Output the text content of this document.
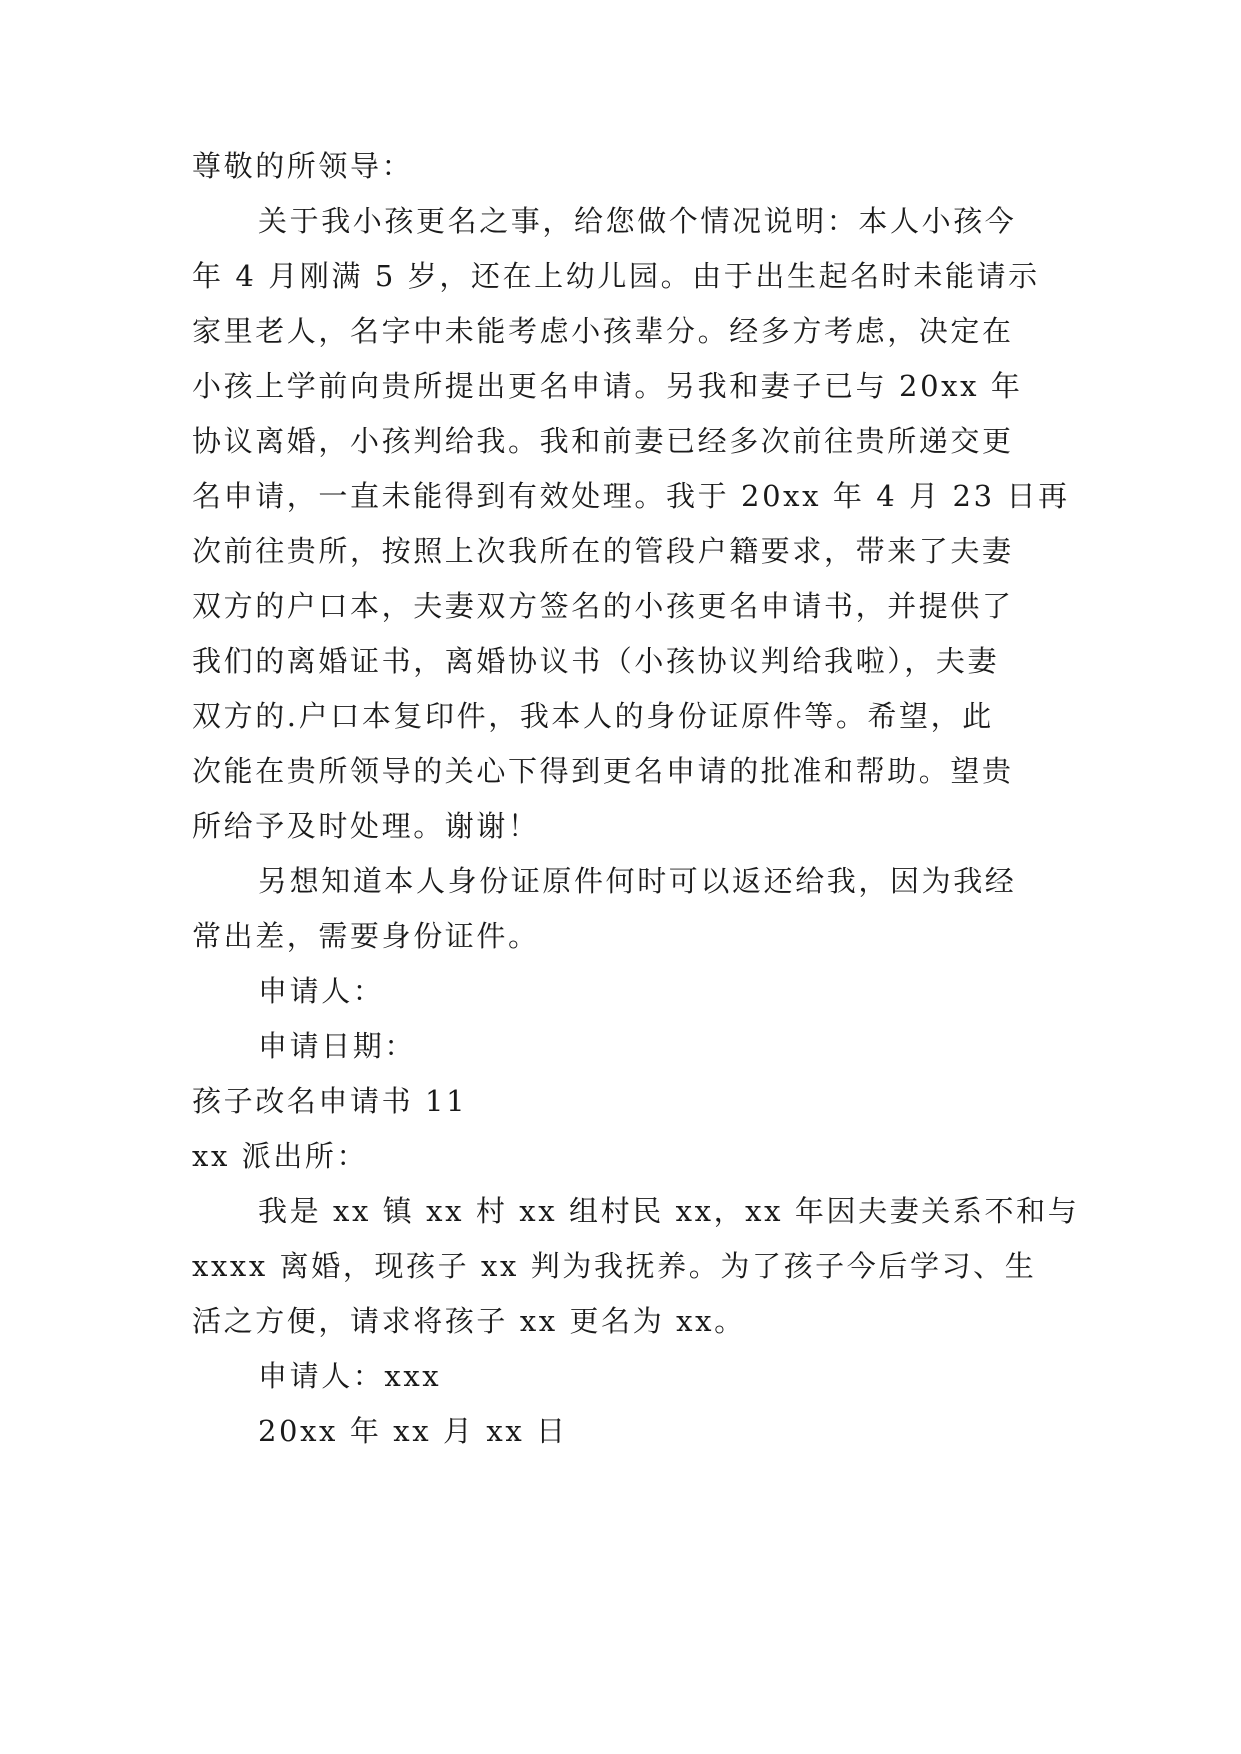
尊敬的所领导：
关于我小孩更名之事，给您做个情况说明：本人小孩今
年 4 月刚满 5 岁，还在上幼儿园。由于出生起名时未能请示
家里老人，名字中未能考虑小孩辈分。经多方考虑，决定在
小孩上学前向贵所提出更名申请。另我和妻子已与 20xx 年
协议离婚，小孩判给我。我和前妻已经多次前往贵所递交更
名申请，一直未能得到有效处理。我于 20xx 年 4 月 23 日再
次前往贵所，按照上次我所在的管段户籍要求，带来了夫妻
双方的户口本，夫妻双方签名的小孩更名申请书，并提供了
我们的离婚证书，离婚协议书（小孩协议判给我啦），夫妻
双方的.户口本复印件，我本人的身份证原件等。希望，此
次能在贵所领导的关心下得到更名申请的批准和帮助。望贵
所给予及时处理。谢谢！
另想知道本人身份证原件何时可以返还给我，因为我经
常出差，需要身份证件。
申请人：
申请日期：
孩子改名申请书 11
xx 派出所：
我是 xx 镇 xx 村 xx 组村民 xx，xx 年因夫妻关系不和与
xxxx 离婚，现孩子 xx 判为我抚养。为了孩子今后学习、生
活之方便，请求将孩子 xx 更名为 xx。
申请人：xxx
20xx 年 xx 月 xx 日
